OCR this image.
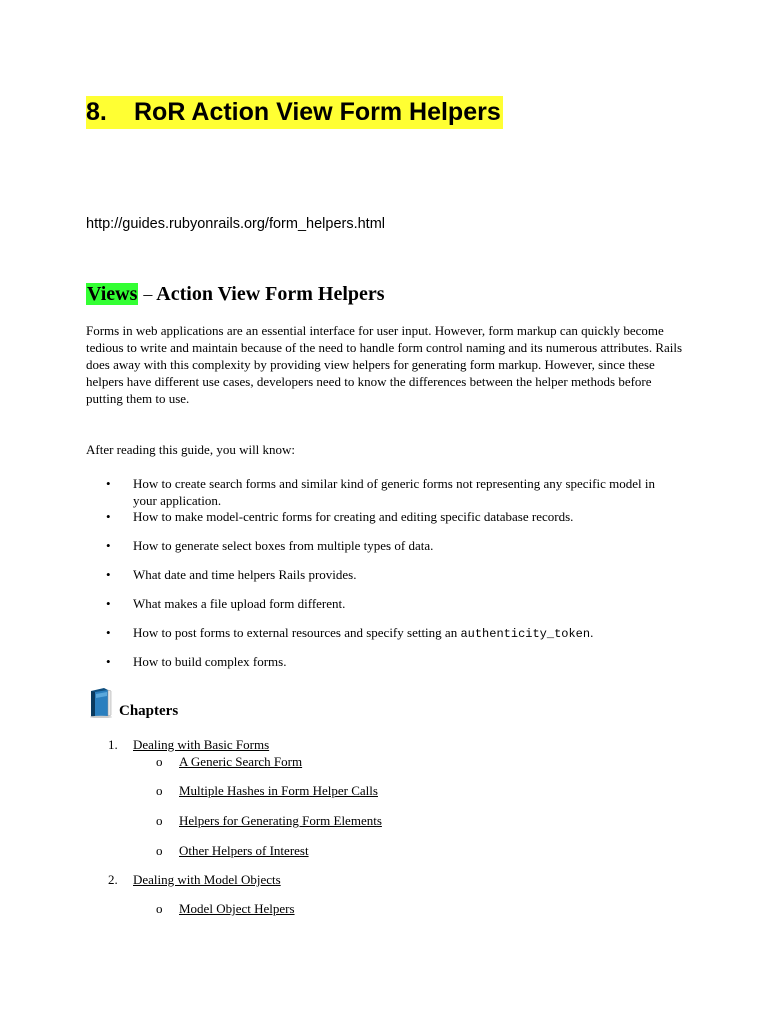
8. RoR Action View Form Helpers
http://guides.rubyonrails.org/form_helpers.html
Views – Action View Form Helpers

Forms in web applications are an essential interface for user input. However, form markup can quickly become tedious to write and maintain because of the need to handle form control naming and its numerous attributes. Rails does away with this complexity by providing view helpers for generating form markup. However, since these helpers have different use cases, developers need to know the differences between the helper methods before putting them to use.

After reading this guide, you will know:

• How to create search forms and similar kind of generic forms not representing any specific model in your application.
• How to make model-centric forms for creating and editing specific database records.
• How to generate select boxes from multiple types of data.
• What date and time helpers Rails provides.
• What makes a file upload form different.
• How to post forms to external resources and specify setting an authenticity_token.
• How to build complex forms.
Chapters
1. Dealing with Basic Forms
o A Generic Search Form
o Multiple Hashes in Form Helper Calls
o Helpers for Generating Form Elements
o Other Helpers of Interest
2. Dealing with Model Objects
o Model Object Helpers
